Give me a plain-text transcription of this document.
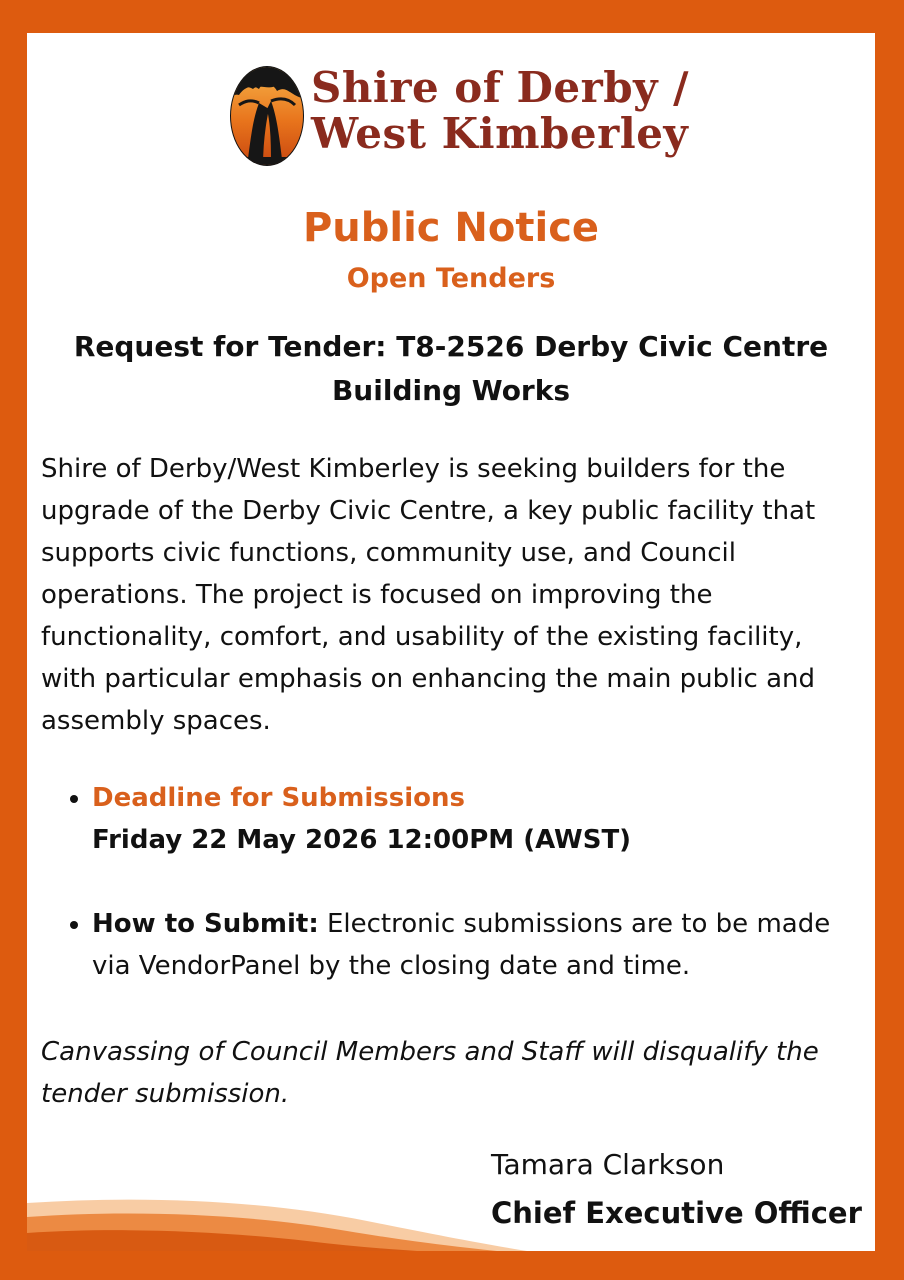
Shire of Derby /
West Kimberley
Public Notice
Open Tenders
Request for Tender: T8-2526 Derby Civic Centre Building Works

Shire of Derby/West Kimberley is seeking builders for the upgrade of the Derby Civic Centre, a key public facility that supports civic functions, community use, and Council operations. The project is focused on improving the functionality, comfort, and usability of the existing facility, with particular emphasis on enhancing the main public and assembly spaces.

Deadline for Submissions
Friday 22 May 2026 12:00PM (AWST)
How to Submit: Electronic submissions are to be made via VendorPanel by the closing date and time.

Canvassing of Council Members and Staff will disqualify the tender submission.

Tamara Clarkson
Chief Executive Officer
